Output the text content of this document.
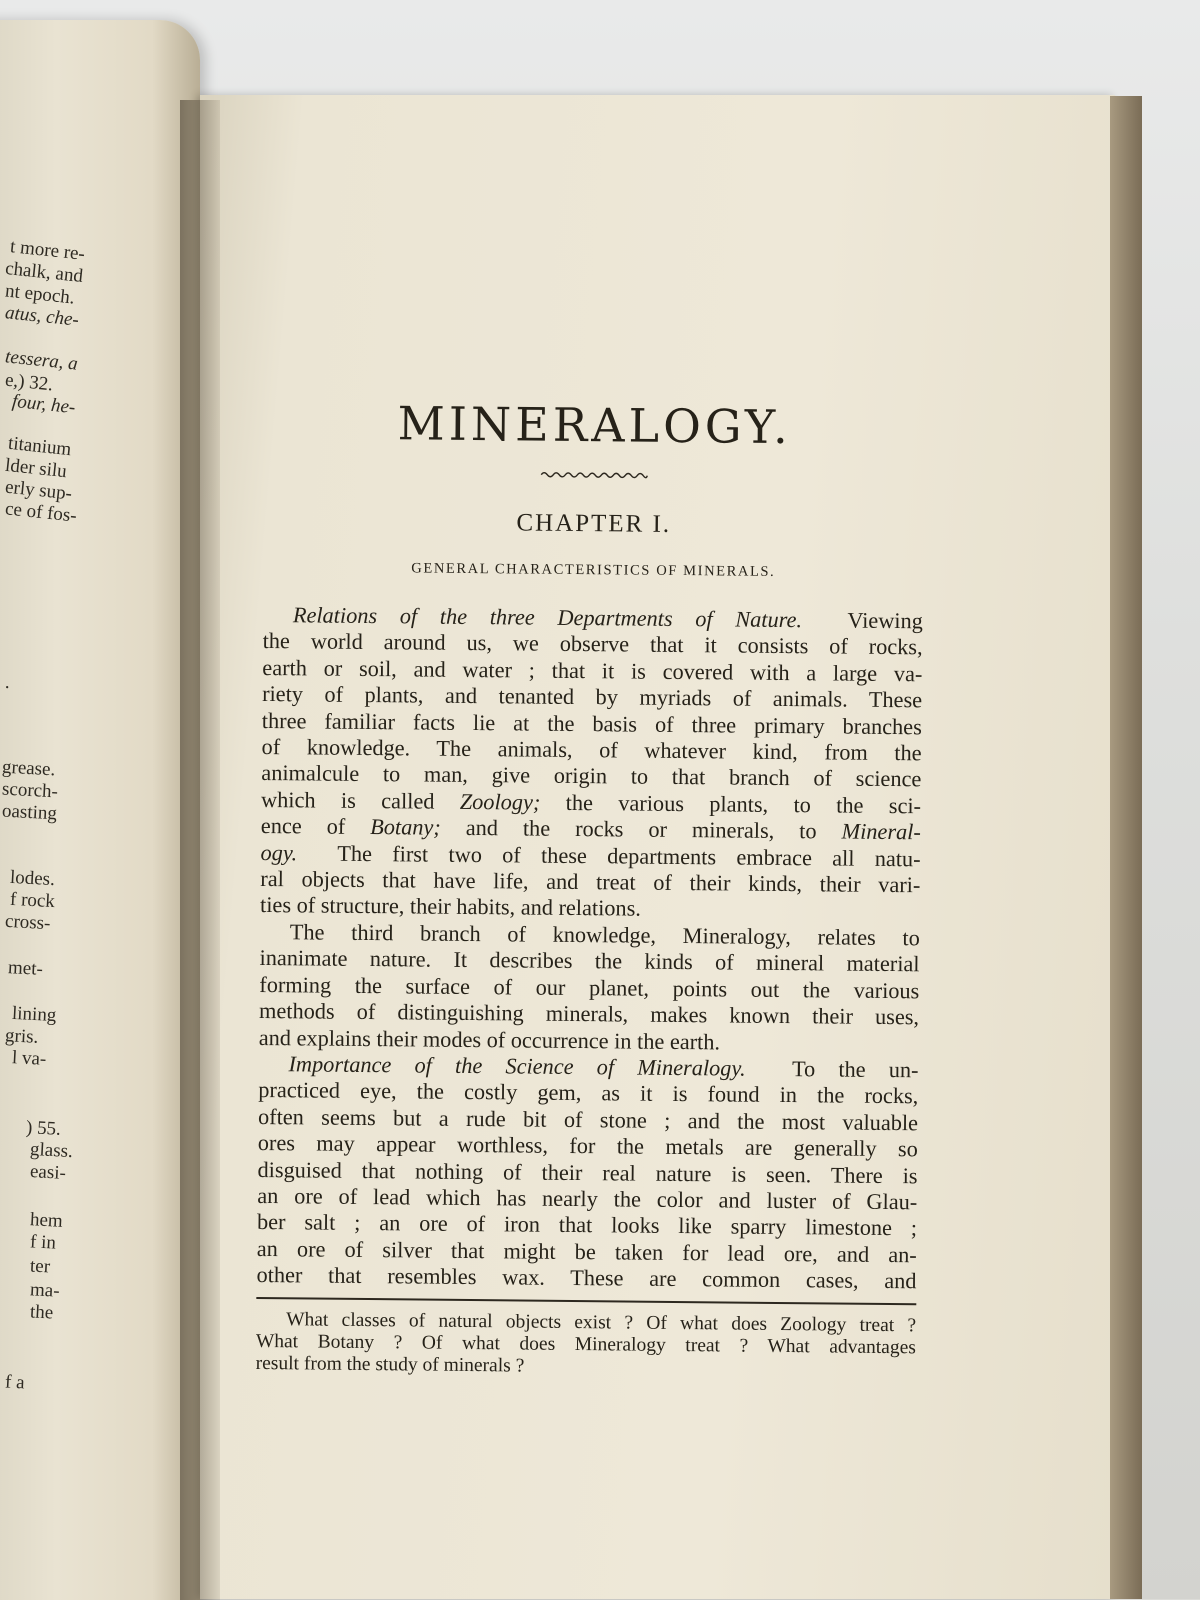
t more re-
chalk, and
nt epoch.
atus, che-
tessera, a
e,) 32.
four, he-
titanium
lder silu
erly sup-
ce of fos-
.
grease.
scorch-
oasting
lodes.
f rock
cross-
met-
lining
gris.
l va-
) 55.
glass.
easi-
hem
f in
ter
ma-
the
f a
MINERALOGY.
CHAPTER I.
GENERAL CHARACTERISTICS OF MINERALS.
Relations of the three Departments of Nature. Viewing
the world around us, we observe that it consists of rocks,
earth or soil, and water ; that it is covered with a large va-
riety of plants, and tenanted by myriads of animals. These
three familiar facts lie at the basis of three primary branches
of knowledge. The animals, of whatever kind, from the
animalcule to man, give origin to that branch of science
which is called Zoology; the various plants, to the sci-
ence of Botany; and the rocks or minerals, to Mineral-
ogy. The first two of these departments embrace all natu-
ral objects that have life, and treat of their kinds, their vari-
ties of structure, their habits, and relations.
The third branch of knowledge, Mineralogy, relates to
inanimate nature. It describes the kinds of mineral material
forming the surface of our planet, points out the various
methods of distinguishing minerals, makes known their uses,
and explains their modes of occurrence in the earth.
Importance of the Science of Mineralogy. To the un-
practiced eye, the costly gem, as it is found in the rocks,
often seems but a rude bit of stone ; and the most valuable
ores may appear worthless, for the metals are generally so
disguised that nothing of their real nature is seen. There is
an ore of lead which has nearly the color and luster of Glau-
ber salt ; an ore of iron that looks like sparry limestone ;
an ore of silver that might be taken for lead ore, and an-
other that resembles wax. These are common cases, and
What classes of natural objects exist ? Of what does Zoology treat ?
What Botany ? Of what does Mineralogy treat ? What advantages
result from the study of minerals ?
